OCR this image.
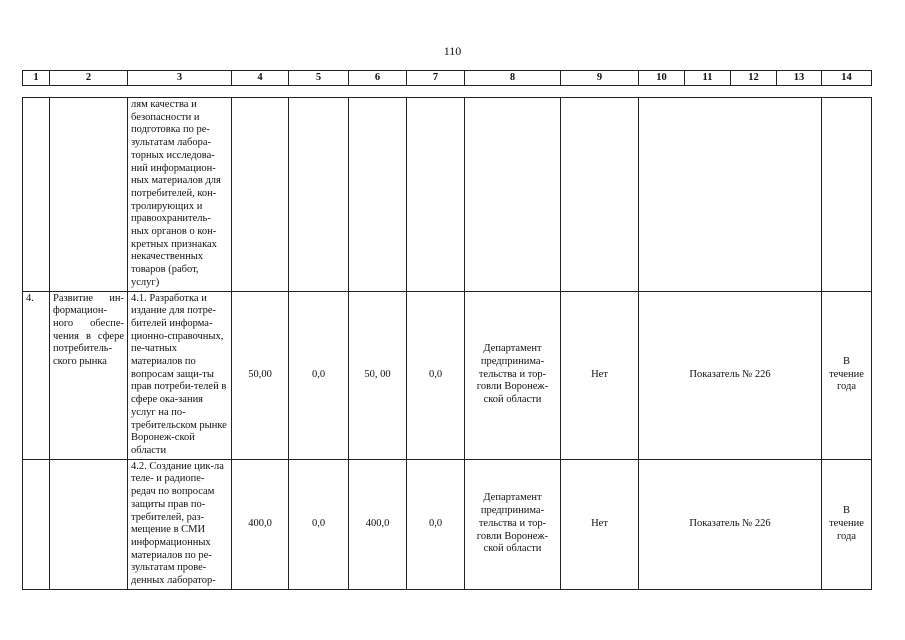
110
1	2	3	4	5	6	7	8	9	10	11	12	13	14
		лям качества и безопасности и подготовка по ре-зультатам лабора-торных исследова-ний информацион-ных материалов для потребителей, кон-тролирующих и правоохранитель-ных органов о кон-кретных признаках некачественных товаров (работ, услуг)								
4.	Развитие ин-формацион-ного обеспе-чения в сфере потребитель-ского рынка	4.1. Разработка и издание для потре-бителей информа-ционно-справочных, пе-чатных материалов по вопросам защи-ты прав потреби-телей в сфере ока-зания услуг на по-требительском рынке Воронеж-ской области	50,00	0,0	50, 00	0,0	Департамент предпринима-тельства и тор-говли Воронеж-ской области	Нет	Показатель № 226	В течение года
		4.2. Создание цик-ла теле- и радиопе-редач по вопросам защиты прав по-требителей, раз-мещение в СМИ информационных материалов по ре-зультатам прове-денных лаборатор-	400,0	0,0	400,0	0,0	Департамент предпринима-тельства и тор-говли Воронеж-ской области	Нет	Показатель № 226	В течение года
